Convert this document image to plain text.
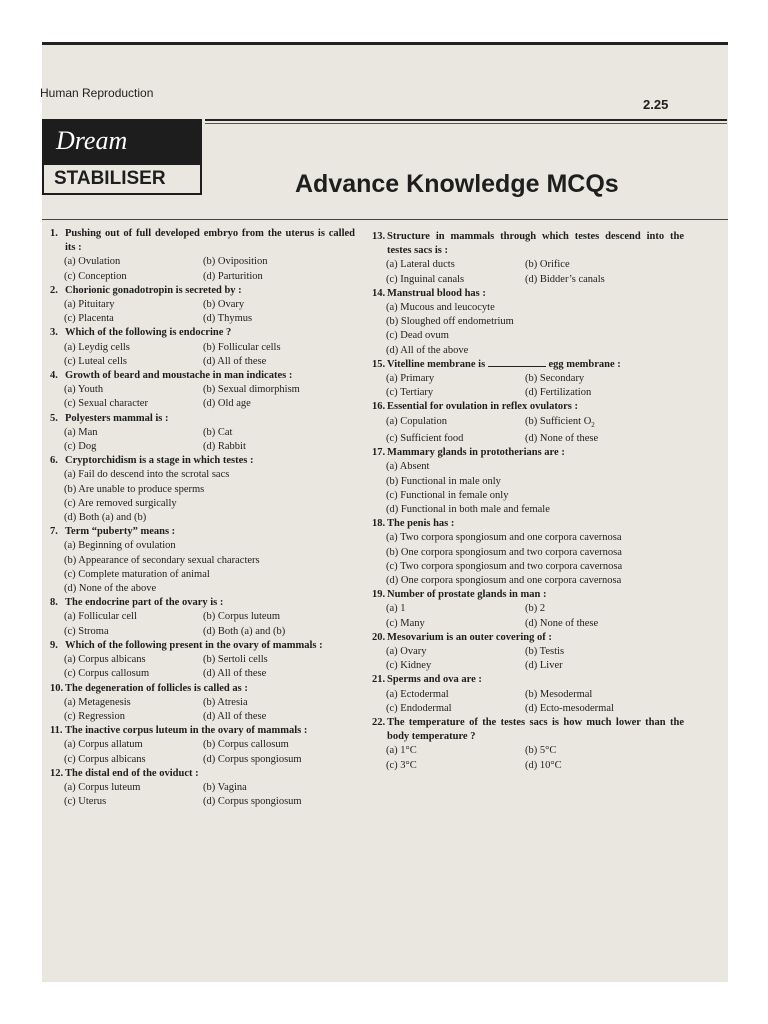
Human Reproduction
2.25
Dream
STABILISER	Advance Knowledge MCQs
1. Pushing out of full developed embryo from the uterus is called its :
(a) Ovulation	(b) Oviposition
(c) Conception	(d) Parturition
2. Chorionic gonadotropin is secreted by :
(a) Pituitary	(b) Ovary
(c) Placenta	(d) Thymus
3. Which of the following is endocrine ?
(a) Leydig cells	(b) Follicular cells
(c) Luteal cells	(d) All of these
4. Growth of beard and moustache in man indicates :
(a) Youth	(b) Sexual dimorphism
(c) Sexual character	(d) Old age
5. Polyesters mammal is :
(a) Man	(b) Cat
(c) Dog	(d) Rabbit
6. Cryptorchidism is a stage in which testes :
(a) Fail do descend into the scrotal sacs
(b) Are unable to produce sperms
(c) Are removed surgically
(d) Both (a) and (b)
7. Term “puberty” means :
(a) Beginning of ovulation
(b) Appearance of secondary sexual characters
(c) Complete maturation of animal
(d) None of the above
8. The endocrine part of the ovary is :
(a) Follicular cell	(b) Corpus luteum
(c) Stroma	(d) Both (a) and (b)
9. Which of the following present in the ovary of mammals :
(a) Corpus albicans	(b) Sertoli cells
(c) Corpus callosum	(d) All of these
10. The degeneration of follicles is called as :
(a) Metagenesis	(b) Atresia
(c) Regression	(d) All of these
11. The inactive corpus luteum in the ovary of mammals :
(a) Corpus allatum	(b) Corpus callosum
(c) Corpus albicans	(d) Corpus spongiosum
12. The distal end of the oviduct :
(a) Corpus luteum	(b) Vagina
(c) Uterus	(d) Corpus spongiosum
13. Structure in mammals through which testes descend into the testes sacs is :
(a) Lateral ducts	(b) Orifice
(c) Inguinal canals	(d) Bidder’s canals
14. Manstrual blood has :
(a) Mucous and leucocyte
(b) Sloughed off endometrium
(c) Dead ovum
(d) All of the above
15. Vitelline membrane is	egg membrane :
(a) Primary	(b) Secondary
(c) Tertiary	(d) Fertilization
16. Essential for ovulation in reflex ovulators :
(a) Copulation	(b) Sufficient $O_2$
(c) Sufficient food	(d) None of these
17. Mammary glands in prototherians are :
(a) Absent
(b) Functional in male only
(c) Functional in female only
(d) Functional in both male and female
18. The penis has :
(a) Two corpora spongiosum and one corpora cavernosa
(b) One corpora spongiosum and two corpora cavernosa
(c) Two corpora spongiosum and two corpora cavernosa
(d) One corpora spongiosum and one corpora cavernosa
19. Number of prostate glands in man :
(a) 1	(b) 2
(c) Many	(d) None of these
20. Mesovarium is an outer covering of :
(a) Ovary	(b) Testis
(c) Kidney	(d) Liver
21. Sperms and ova are :
(a) Ectodermal	(b) Mesodermal
(c) Endodermal	(d) Ecto-mesodermal
22. The temperature of the testes sacs is how much lower than the body temperature ?
(a) 1°C	(b) 5°C
(c) 3°C	(d) 10°C
